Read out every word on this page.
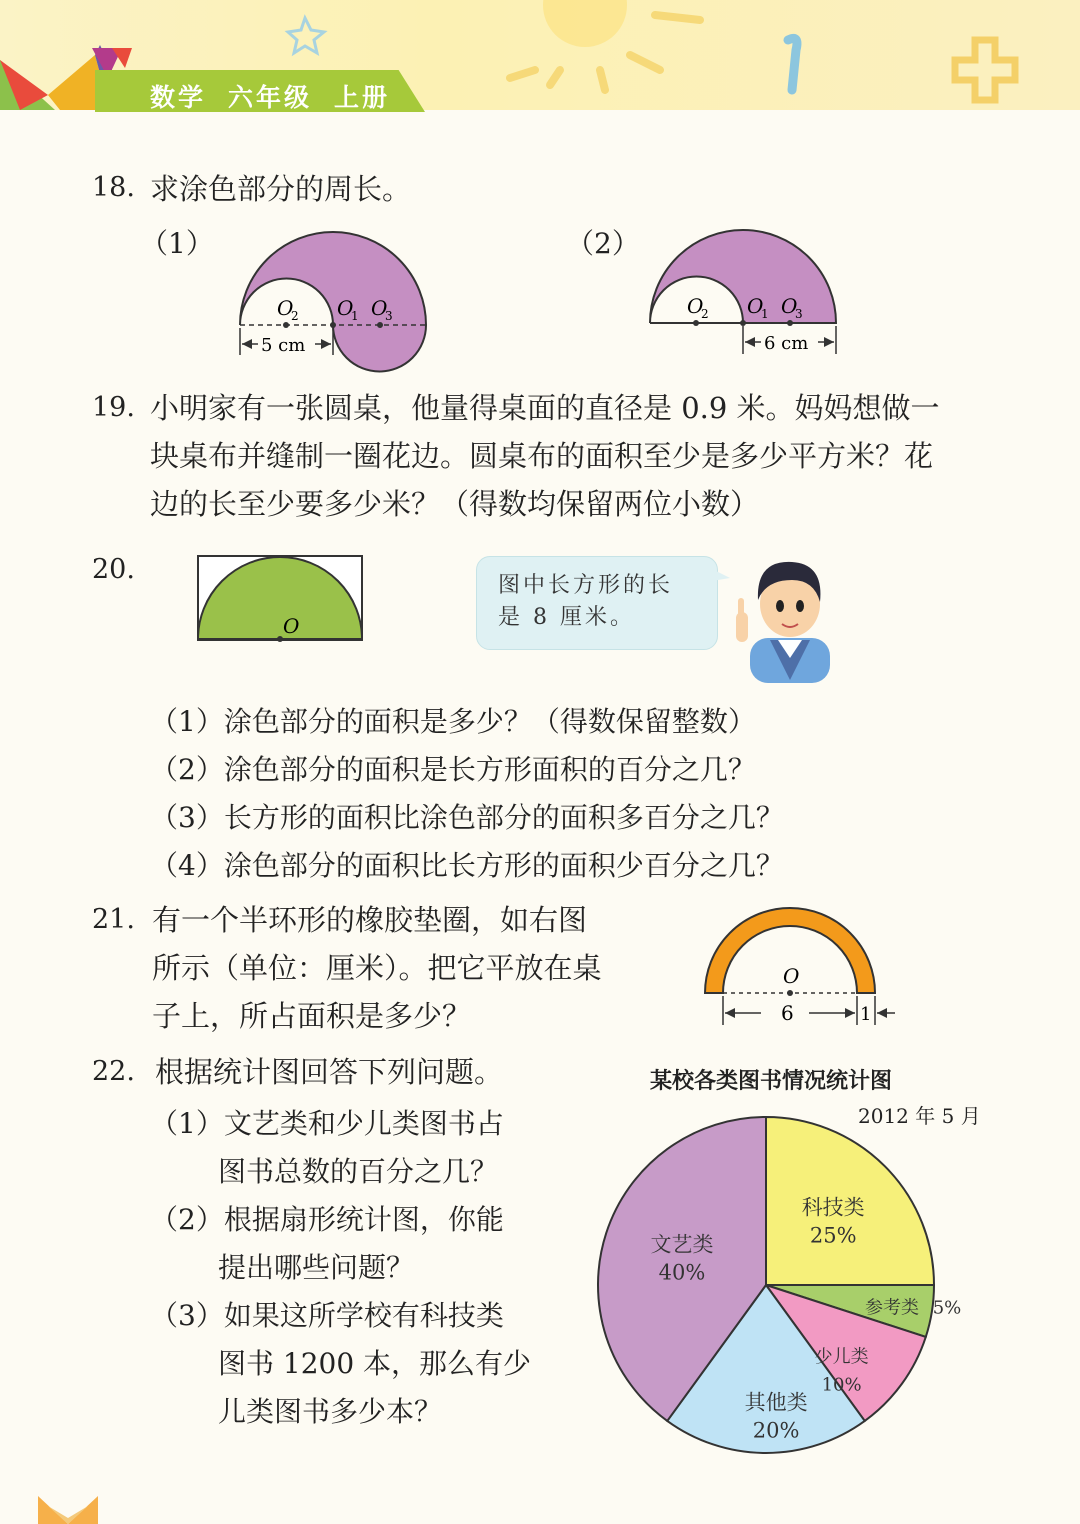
数学 六年级 上册
18. 求涂色部分的周长。
（1）	（2）
O
2 O
1 O
3
5 cm
O
2 O
1 O
3
6 cm
19. 小明家有一张圆桌，他量得桌面的直径是 0.9 米。妈妈想做一
块桌布并缝制一圈花边。圆桌布的面积至少是多少平方米？花
边的长至少要多少米？（得数均保留两位小数）
20.
O
图中长方形的长
是 8 厘米。
（1）涂色部分的面积是多少？（得数保留整数）
（2）涂色部分的面积是长方形面积的百分之几？
（3）长方形的面积比涂色部分的面积多百分之几？
（4）涂色部分的面积比长方形的面积少百分之几？
21. 有一个半环形的橡胶垫圈，如右图
所示（单位：厘米）。把它平放在桌
子上，所占面积是多少？
O
6	1
22. 根据统计图回答下列问题。
（1）文艺类和少儿类图书占
图书总数的百分之几？
（2）根据扇形统计图，你能
提出哪些问题？
（3）如果这所学校有科技类
图书 1200 本，那么有少
儿类图书多少本？
某校各类图书情况统计图
2012 年 5 月
科技类
25%
参考类 5%
少儿类
10%
其他类
20%
文艺类
40%
